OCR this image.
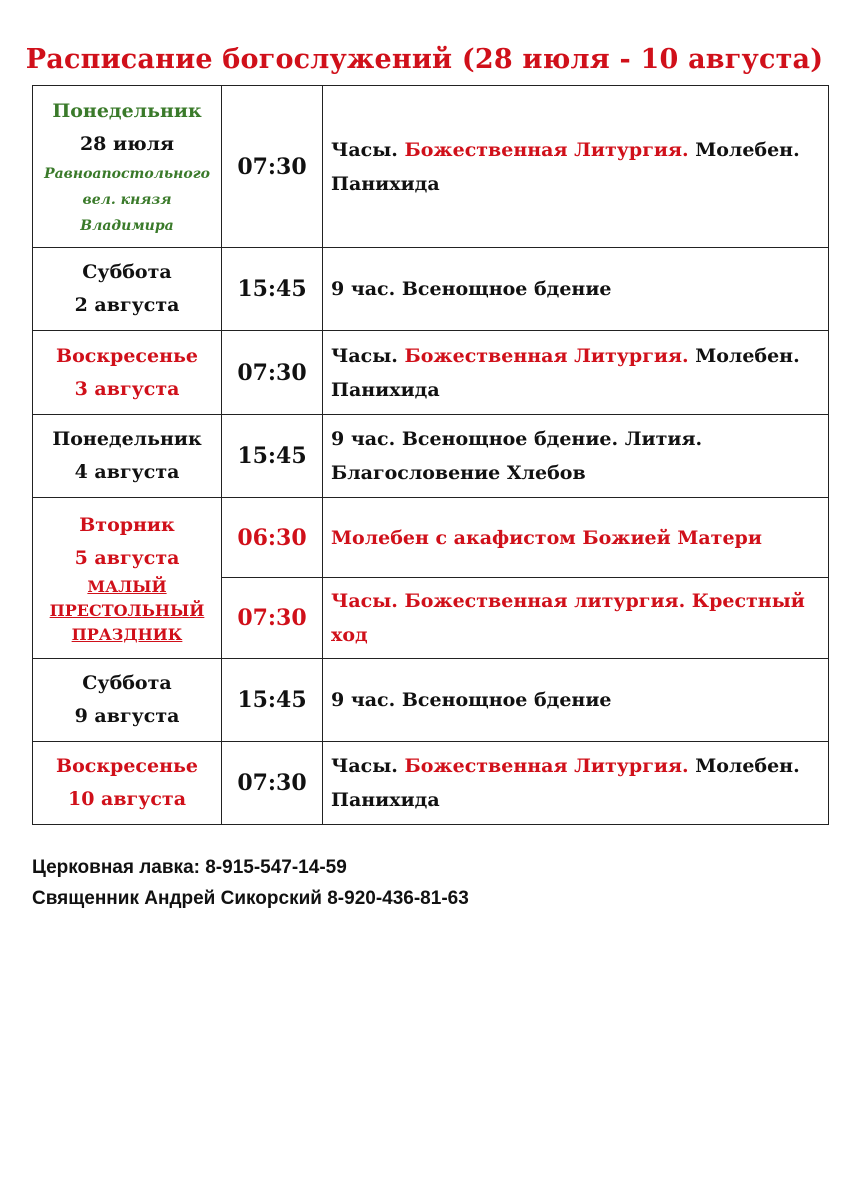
Расписание богослужений (28 июля - 10 августа)
Понедельник
28 июля
Равноапостольного
вел. князя
Владимира	07:30	Часы. Божественная Литургия. Молебен. Панихида

Суббота
2 августа	15:45	9 час. Всенощное бдение

Воскресенье
3 августа	07:30	Часы. Божественная Литургия. Молебен. Панихида

Понедельник
4 августа	15:45	9 час. Всенощное бдение. Лития. Благословение Хлебов

Вторник
5 августа
МАЛЫЙ
ПРЕСТОЛЬНЫЙ
ПРАЗДНИК	06:30	Молебен с акафистом Божией Матери
	07:30	Часы. Божественная литургия. Крестный ход

Суббота
9 августа	15:45	9 час. Всенощное бдение

Воскресенье
10 августа	07:30	Часы. Божественная Литургия. Молебен. Панихида
Церковная лавка: 8-915-547-14-59
Священник Андрей Сикорский 8-920-436-81-63
